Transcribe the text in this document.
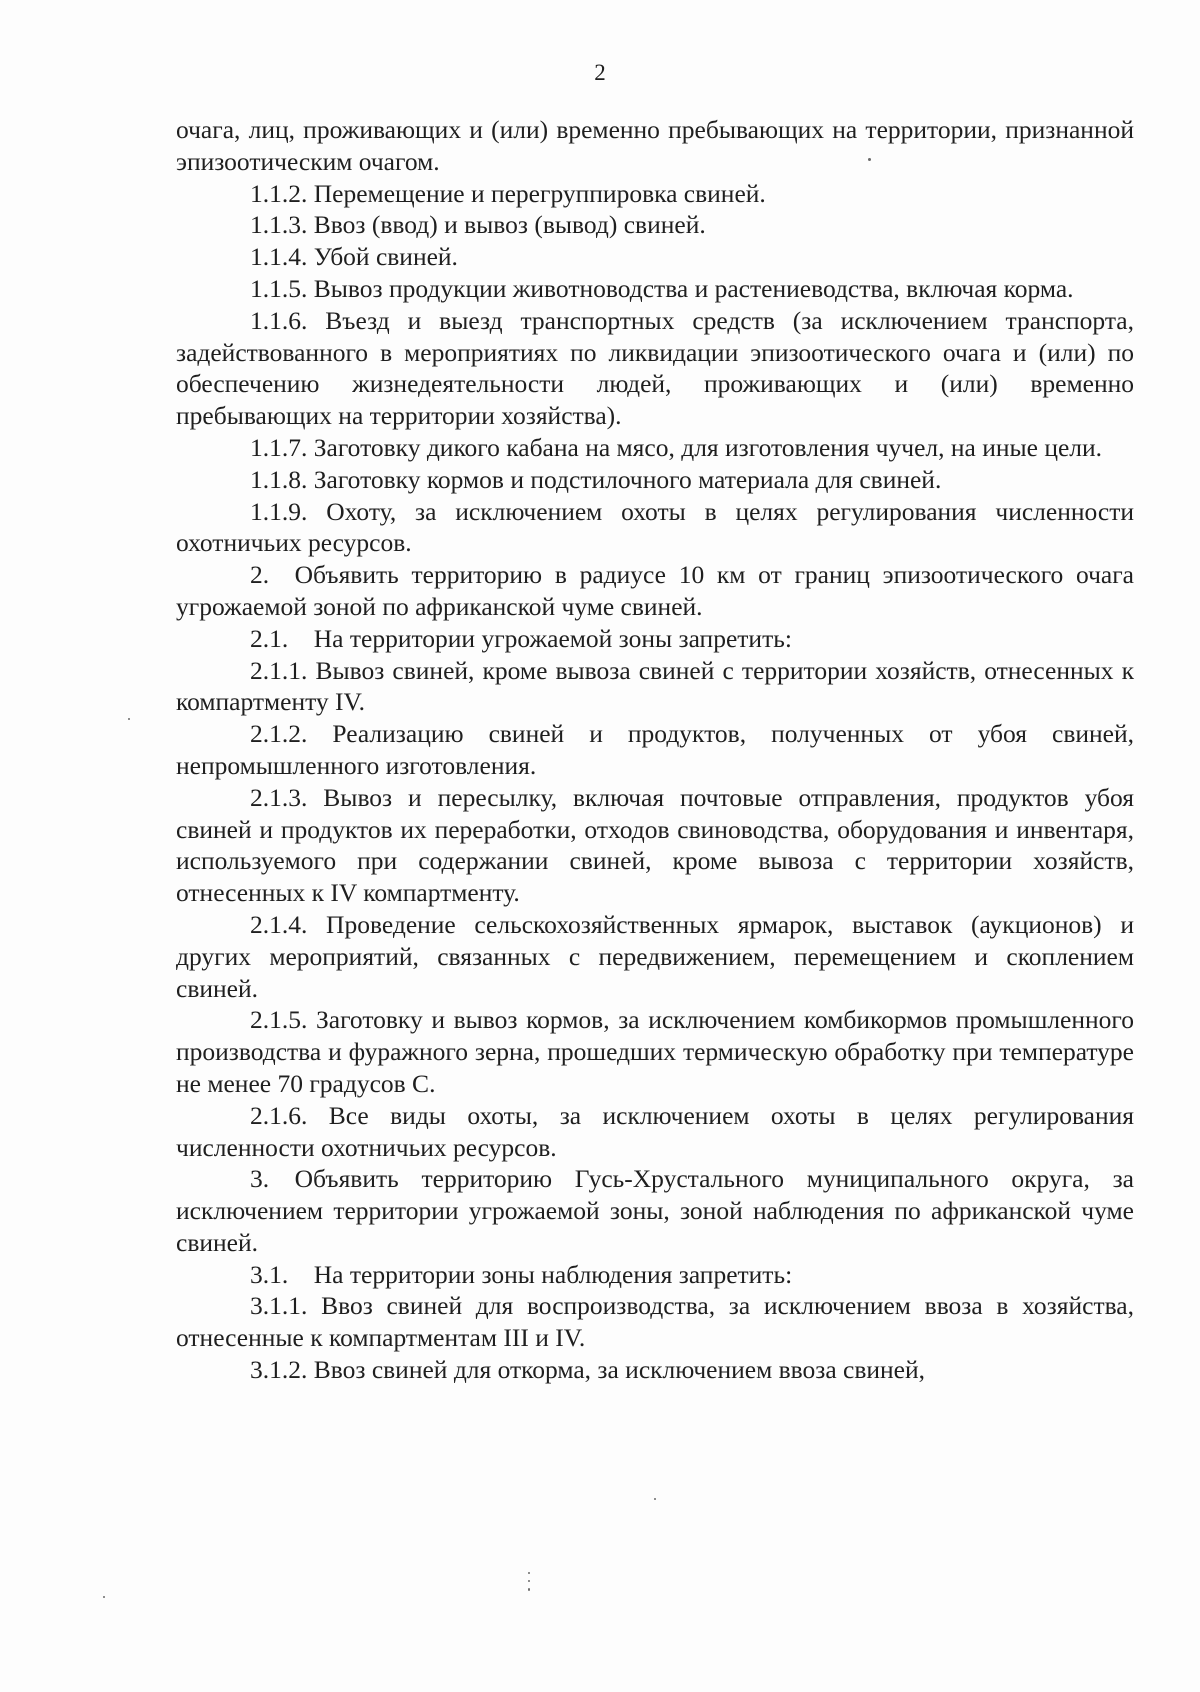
2

очага, лиц, проживающих и (или) временно пребывающих на территории, признанной эпизоотическим очагом.

1.1.2. Перемещение и перегруппировка свиней.

1.1.3. Ввоз (ввод) и вывоз (вывод) свиней.

1.1.4. Убой свиней.

1.1.5. Вывоз продукции животноводства и растениеводства, включая корма.

1.1.6. Въезд и выезд транспортных средств (за исключением транспорта, задействованного в мероприятиях по ликвидации эпизоотического очага и (или) по обеспечению жизнедеятельности людей, проживающих и (или) временно пребывающих на территории хозяйства).

1.1.7. Заготовку дикого кабана на мясо, для изготовления чучел, на иные цели.

1.1.8. Заготовку кормов и подстилочного материала для свиней.

1.1.9. Охоту, за исключением охоты в целях регулирования численности охотничьих ресурсов.

2. Объявить территорию в радиусе 10 км от границ эпизоотического очага угрожаемой зоной по африканской чуме свиней.

2.1. На территории угрожаемой зоны запретить:

2.1.1. Вывоз свиней, кроме вывоза свиней с территории хозяйств, отнесенных к компартменту IV.

2.1.2. Реализацию свиней и продуктов, полученных от убоя свиней, непромышленного изготовления.

2.1.3. Вывоз и пересылку, включая почтовые отправления, продуктов убоя свиней и продуктов их переработки, отходов свиноводства, оборудования и инвентаря, используемого при содержании свиней, кроме вывоза с территории хозяйств, отнесенных к IV компартменту.

2.1.4. Проведение сельскохозяйственных ярмарок, выставок (аукционов) и других мероприятий, связанных с передвижением, перемещением и скоплением свиней.

2.1.5. Заготовку и вывоз кормов, за исключением комбикормов промышленного производства и фуражного зерна, прошедших термическую обработку при температуре не менее 70 градусов С.

2.1.6. Все виды охоты, за исключением охоты в целях регулирования численности охотничьих ресурсов.

3. Объявить территорию Гусь-Хрустального муниципального округа, за исключением территории угрожаемой зоны, зоной наблюдения по африканской чуме свиней.

3.1. На территории зоны наблюдения запретить:

3.1.1. Ввоз свиней для воспроизводства, за исключением ввоза в хозяйства, отнесенные к компартментам III и IV.

3.1.2. Ввоз свиней для откорма, за исключением ввоза свиней,
